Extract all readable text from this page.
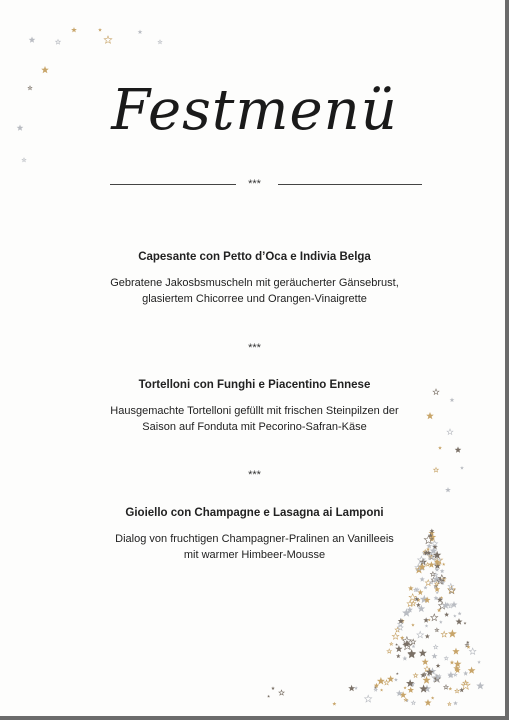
Festmenü
***

Capesante con Petto d’Oca e Indivia Belga

Gebratene Jakosbsmuscheln mit geräucherter Gänsebrust,
glasiertem Chicorree und Orangen-Vinaigrette

***

Tortelloni con Funghi e Piacentino Ennese

Hausgemachte Tortelloni gefüllt mit frischen Steinpilzen der
Saison auf Fonduta mit Pecorino-Safran-Käse

***

Gioiello con Champagne e Lasagna ai Lamponi

Dialog von fruchtigen Champagner-Pralinen an Vanilleeis
mit warmer Himbeer-Mousse
